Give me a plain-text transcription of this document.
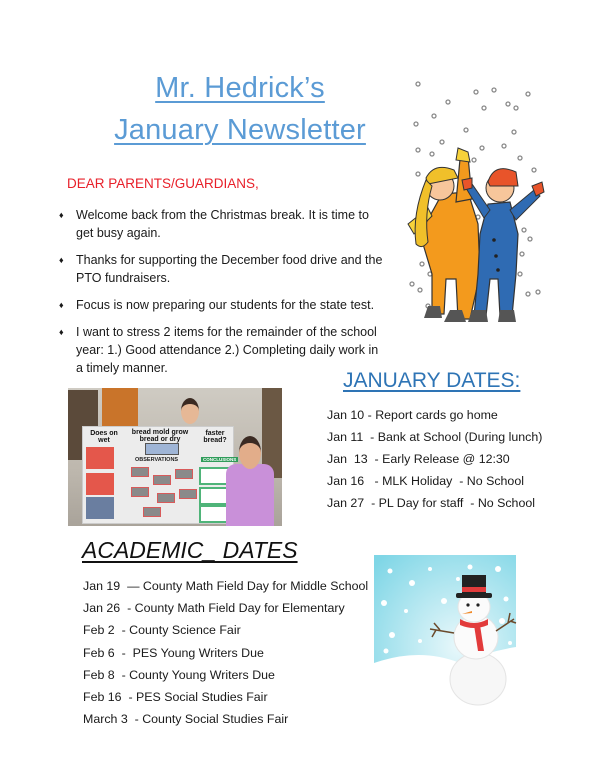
Mr. Hedrick’s
January Newsletter
DEAR PARENTS/GUARDIANS,
Does on wet
bread mold grow bread or dry
faster bread?
OBSERVATIONS	CONCLUSIONS
♦ Welcome back from the Christmas break. It is time to get busy again.
♦ Thanks for supporting the December food drive and the PTO fundraisers.
♦ Focus is now preparing our students for the state test.
♦ I want to stress 2 items for the remainder of the school year: 1.) Good attendance 2.) Completing daily work in a timely manner.
JANUARY DATES:
Jan 10 - Report cards go home
Jan 11  - Bank at School (During lunch)
Jan  13  - Early Release @ 12:30
Jan 16   - MLK Holiday  - No School
Jan 27  - PL Day for staff  - No School
ACADEMIC_ DATES
Jan 19  — County Math Field Day for Middle School
Jan 26  - County Math Field Day for Elementary
Feb 2  - County Science Fair
Feb 6  -  PES Young Writers Due
Feb 8  - County Young Writers Due
Feb 16  - PES Social Studies Fair
March 3  - County Social Studies Fair
